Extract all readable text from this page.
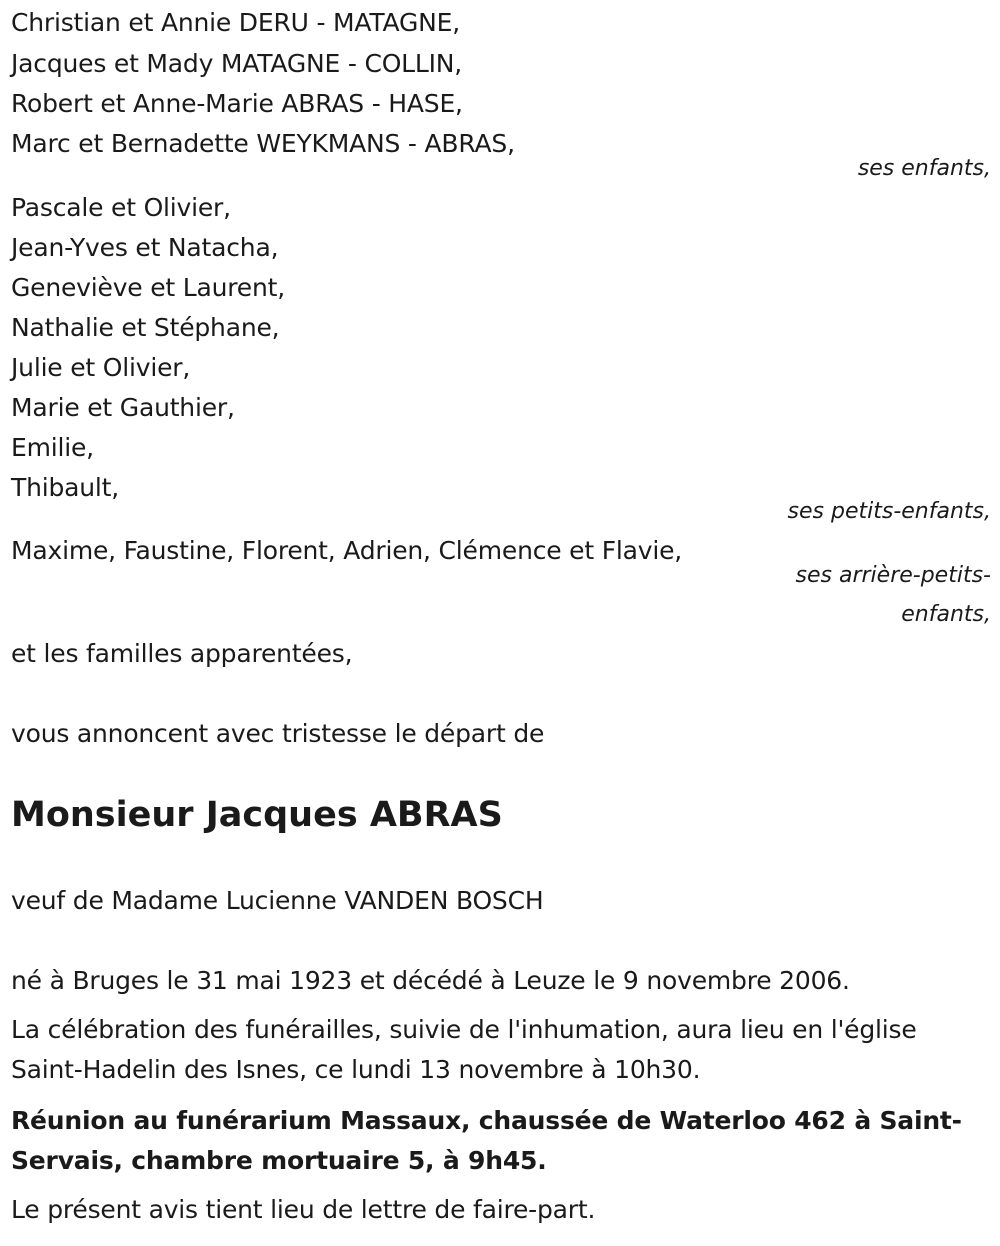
Christian et Annie DERU - MATAGNE,
Jacques et Mady MATAGNE - COLLIN,
Robert et Anne-Marie ABRAS - HASE,
Marc et Bernadette WEYKMANS - ABRAS,
ses enfants,
Pascale et Olivier,
Jean-Yves et Natacha,
Geneviève et Laurent,
Nathalie et Stéphane,
Julie et Olivier,
Marie et Gauthier,
Emilie,
Thibault,
ses petits-enfants,
Maxime, Faustine, Florent, Adrien, Clémence et Flavie,
ses arrière-petits-
enfants,
et les familles apparentées,
vous annoncent avec tristesse le départ de
Monsieur Jacques ABRAS
veuf de Madame Lucienne VANDEN BOSCH
né à Bruges le 31 mai 1923 et décédé à Leuze le 9 novembre 2006.
La célébration des funérailles, suivie de l'inhumation, aura lieu en l'église Saint-Hadelin des Isnes, ce lundi 13 novembre à 10h30.
Réunion au funérarium Massaux, chaussée de Waterloo 462 à Saint-Servais, chambre mortuaire 5, à 9h45.
Le présent avis tient lieu de lettre de faire-part.
